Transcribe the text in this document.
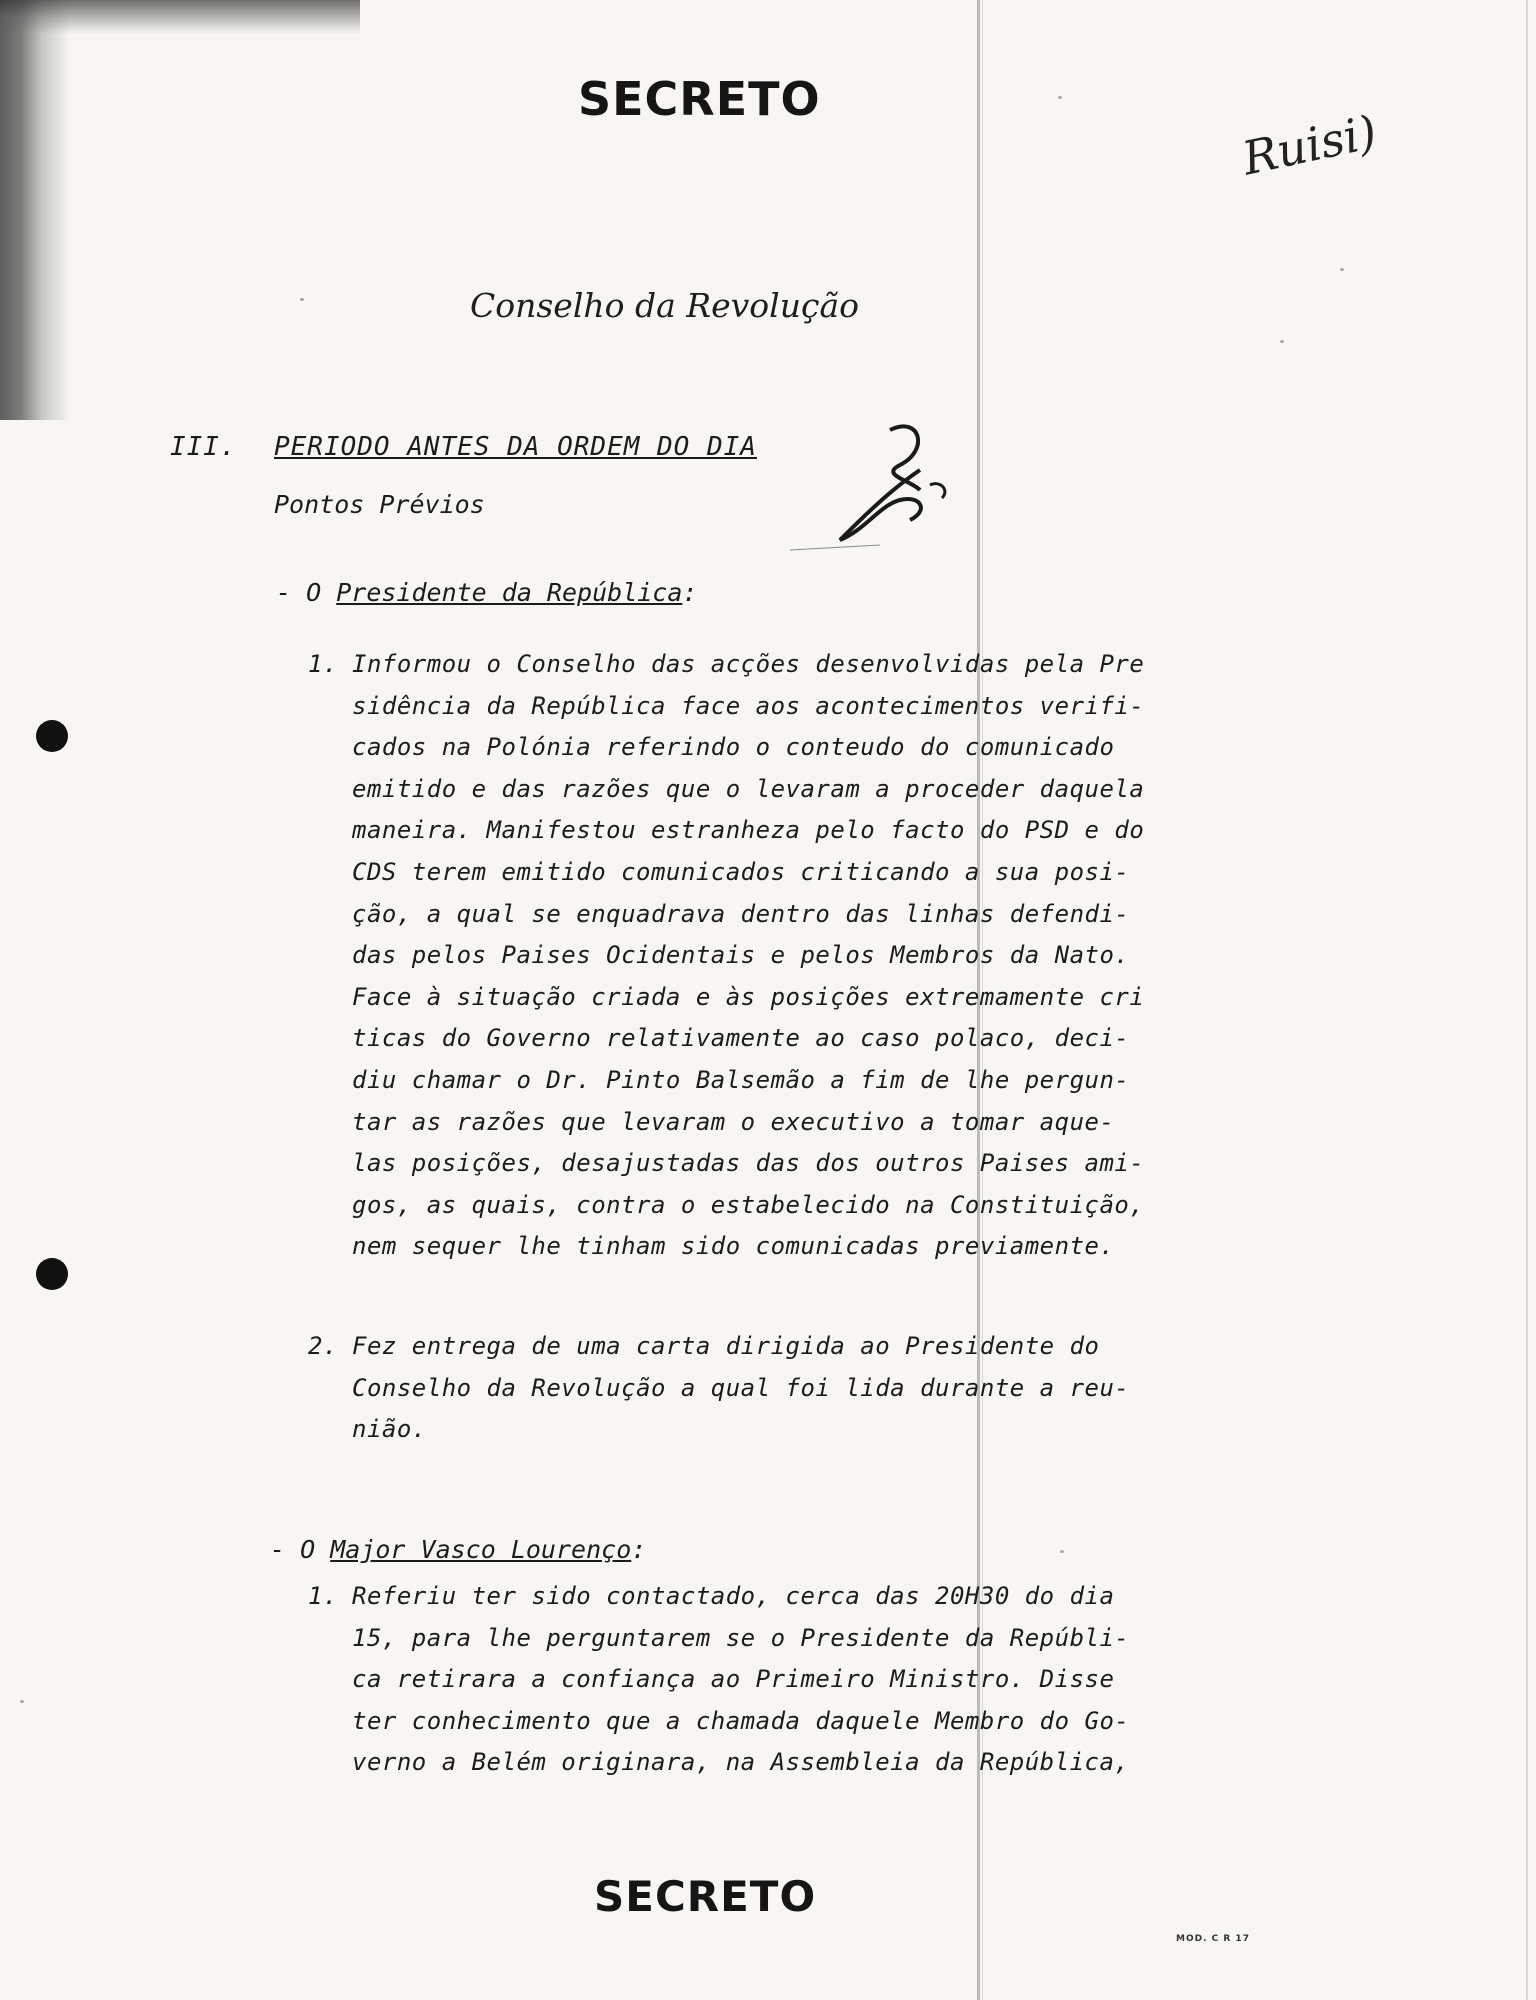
SECRETO
SECRETO
Ruisi)
Conselho da Revolução
III. PERIODO ANTES DA ORDEM DO DIA
Pontos Prévios
- O Presidente da República:
1. Informou o Conselho das acções desenvolvidas pela Pre
sidência da República face aos acontecimentos verifi-
cados na Polónia referindo o conteudo do comunicado
emitido e das razões que o levaram a proceder daquela
maneira. Manifestou estranheza pelo facto do PSD e do
CDS terem emitido comunicados criticando a sua posi-
ção, a qual se enquadrava dentro das linhas defendi-
das pelos Paises Ocidentais e pelos Membros da Nato.
Face à situação criada e às posições extremamente cri
ticas do Governo relativamente ao caso polaco, deci-
diu chamar o Dr. Pinto Balsemão a fim de lhe pergun-
tar as razões que levaram o executivo a tomar aque-
las posições, desajustadas das dos outros Paises ami-
gos, as quais, contra o estabelecido na Constituição,
nem sequer lhe tinham sido comunicadas previamente.
2. Fez entrega de uma carta dirigida ao Presidente do
Conselho da Revolução a qual foi lida durante a reu-
nião.
- O Major Vasco Lourenço:
1. Referiu ter sido contactado, cerca das 20H30 do dia
15, para lhe perguntarem se o Presidente da Repúbli-
ca retirara a confiança ao Primeiro Ministro. Disse
ter conhecimento que a chamada daquele Membro do Go-
verno a Belém originara, na Assembleia da República,
MOD. C R 17
